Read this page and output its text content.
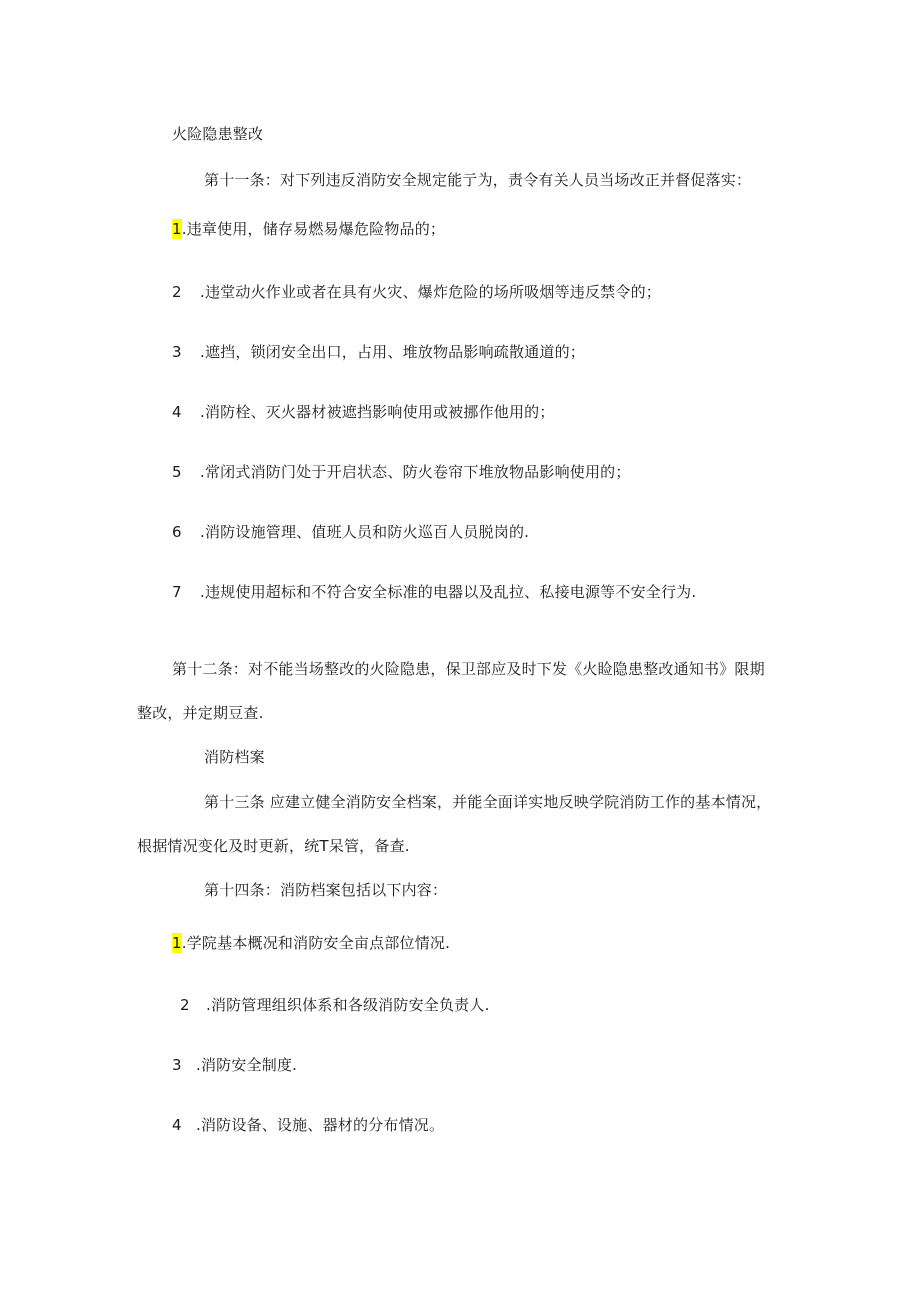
火险隐患整改
第十一条：对下列违反消防安全规定能亍为，责令有关人员当场改正并督促落实：
1.违章使用，储存易燃易爆危险物品的；
2 .违堂动火作业或者在具有火灾、爆炸危险的场所吸烟等违反禁令的；
3 .遮挡，锁闭安全出口，占用、堆放物品影响疏散通道的；
4 .消防栓、灭火器材被遮挡影响使用或被挪作他用的；
5 .常闭式消防门处于开启状态、防火卷帘下堆放物品影响使用的；
6 .消防设施管理、值班人员和防火巡百人员脱岗的.
7 .违规使用超标和不符合安全标准的电器以及乱拉、私接电源等不安全行为.
第十二条：对不能当场整改的火险隐患，保卫部应及时下发《火睑隐患整改通知书》限期
整改，并定期豆查.
消防档案
第十三条 应建立健全消防安全档案，并能全面详实地反映学院消防工作的基本情况，
根据情况变化及时更新，统T呆管，备查.
第十四条：消防档案包括以下内容：
1.学院基本概况和消防安全亩点部位情况.
2 .消防管理组织体系和各级消防安全负责人.
3 .消防安全制度.
4 .消防设备、设施、器材的分布情况。
